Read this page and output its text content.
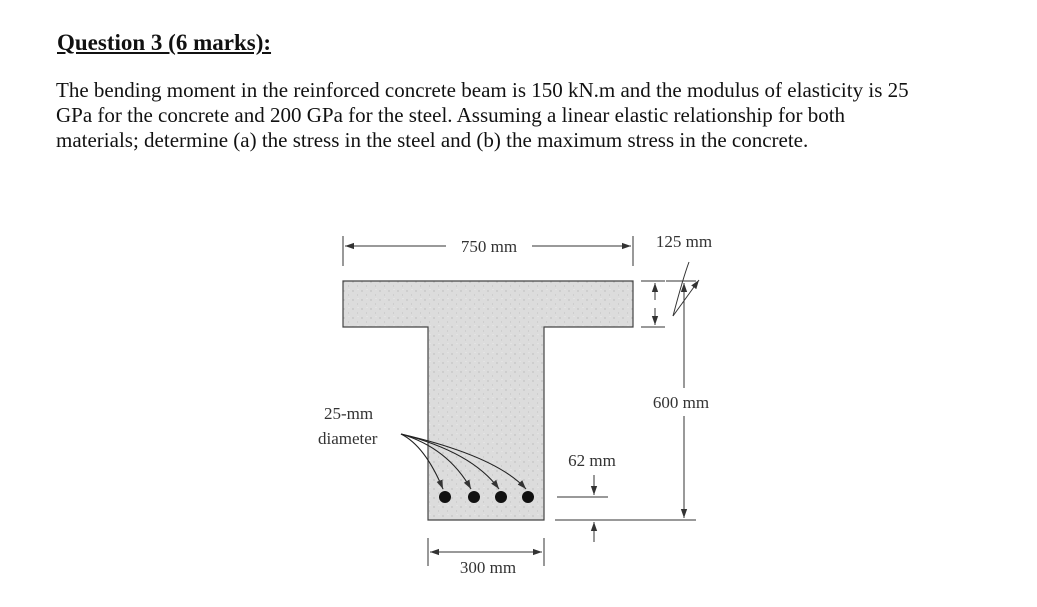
Question 3 (6 marks):
The bending moment in the reinforced concrete beam is 150 kN.m and the modulus of elasticity is 25
GPa for the concrete and 200 GPa for the steel. Assuming a linear elastic relationship for both
materials; determine (a) the stress in the steel and (b) the maximum stress in the concrete.
750 mm	125 mm
600 mm
62 mm
300 mm
25-mm
diameter
